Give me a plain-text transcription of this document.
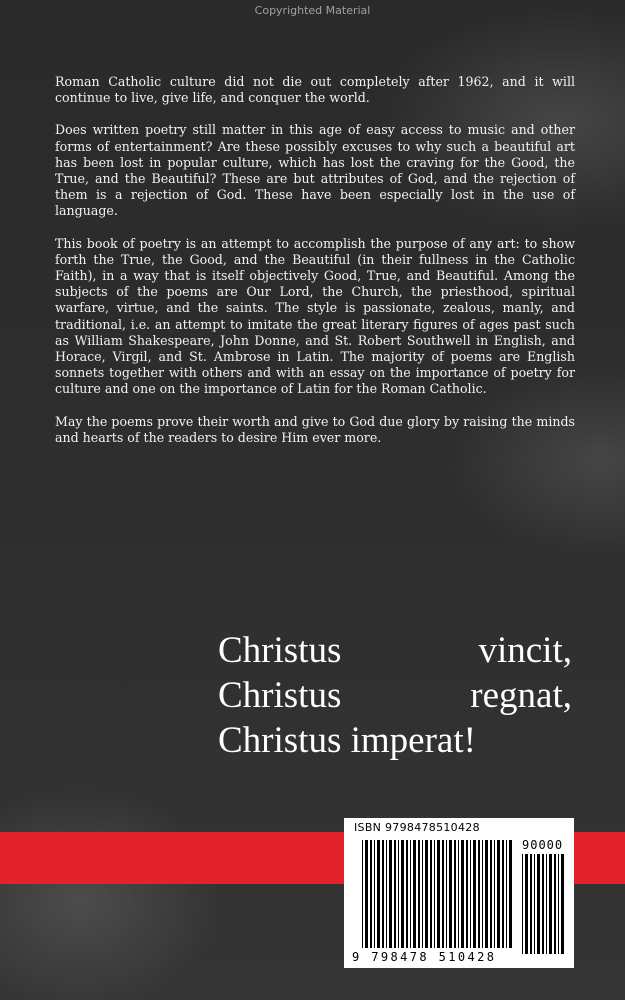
Copyrighted Material

Roman Catholic culture did not die out completely after 1962, and it will continue to live, give life, and conquer the world.

Does written poetry still matter in this age of easy access to music and other forms of entertainment? Are these possibly excuses to why such a beautiful art has been lost in popular culture, which has lost the craving for the Good, the True, and the Beautiful? These are but attributes of God, and the rejection of them is a rejection of God. These have been especially lost in the use of language.

This book of poetry is an attempt to accomplish the purpose of any art: to show forth the True, the Good, and the Beautiful (in their fullness in the Catholic Faith), in a way that is itself objectively Good, True, and Beautiful. Among the subjects of the poems are Our Lord, the Church, the priesthood, spiritual warfare, virtue, and the saints. The style is passionate, zealous, manly, and traditional, i.e. an attempt to imitate the great literary figures of ages past such as William Shakespeare, John Donne, and St. Robert Southwell in English, and Horace, Virgil, and St. Ambrose in Latin. The majority of poems are English sonnets together with others and with an essay on the importance of poetry for culture and one on the importance of Latin for the Roman Catholic.

May the poems prove their worth and give to God due glory by raising the minds and hearts of the readers to desire Him ever more.

Christus	vincit,
Christus	regnat,
Christus imperat!
ISBN 9798478510428
90000
9 798478 510428
